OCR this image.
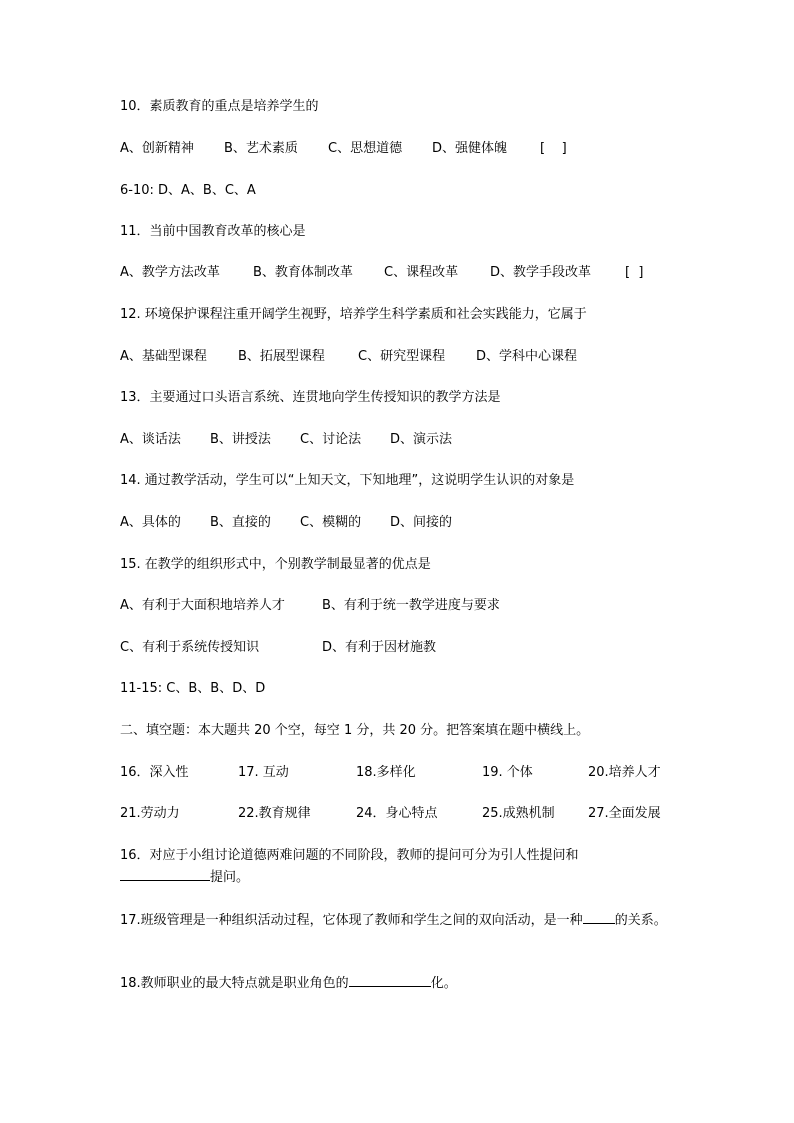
10．素质教育的重点是培养学生的
A、创新精神 B、艺术素质 C、思想道德 D、强健体魄	[    ]
6-10: D、A、B、C、A
11．当前中国教育改革的核心是
A、教学方法改革	B、教育体制改革 C、课程改革 D、教学手段改革	[  ]
12. 环境保护课程注重开阔学生视野，培养学生科学素质和社会实践能力，它属于
A、基础型课程 B、拓展型课程	C、研究型课程 D、学科中心课程
13．主要通过口头语言系统、连贯地向学生传授知识的教学方法是
A、谈话法 B、讲授法 C、讨论法 D、演示法
14. 通过教学活动，学生可以“上知天文，下知地理”，这说明学生认识的对象是
A、具体的 B、直接的 C、模糊的 D、间接的
15. 在教学的组织形式中，个别教学制最显著的优点是
A、有利于大面积地培养人才	B、有利于统一教学进度与要求
C、有利于系统传授知识	D、有利于因材施教
11-15: C、B、B、D、D
二、填空题：本大题共 20 个空，每空 1 分，共 20 分。把答案填在题中横线上。
16．深入性	17. 互动	18.多样化	19. 个体	20.培养人才
21.劳动力	22.教育规律	24．身心特点	25.成熟机制	27.全面发展
16．对应于小组讨论道德两难问题的不同阶段，教师的提问可分为引人性提问和
提问。
17.班级管理是一种组织活动过程，它体现了教师和学生之间的双向活动，是一种 的关系。
18.教师职业的最大特点就是职业角色的	化。
